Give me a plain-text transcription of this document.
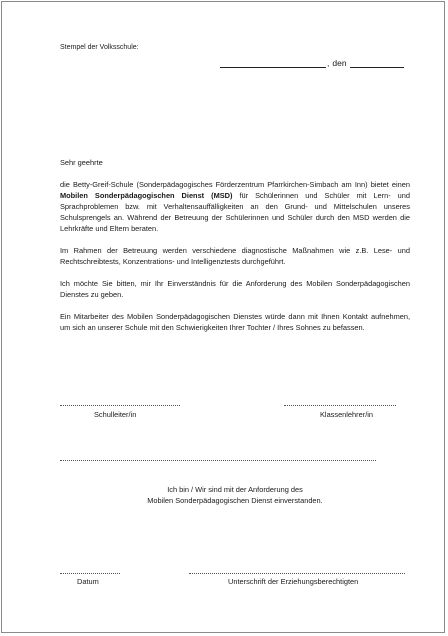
Stempel der Volksschule:
, den

Sehr geehrte

die Betty-Greif-Schule (Sonderpädagogisches Förderzentrum Pfarrkirchen-Simbach am Inn) bietet einen Mobilen Sonderpädagogischen Dienst (MSD) für Schülerinnen und Schüler mit Lern- und Sprachproblemen bzw. mit Verhaltensauffälligkeiten an den Grund- und Mittelschulen unseres Schulsprengels an. Während der Betreuung der Schülerinnen und Schüler durch den MSD werden die Lehrkräfte und Eltern beraten.

Im Rahmen der Betreuung werden verschiedene diagnostische Maßnahmen wie z.B. Lese- und Rechtschreibtests, Konzentrations- und Intelligenztests durchgeführt.

Ich möchte Sie bitten, mir Ihr Einverständnis für die Anforderung des Mobilen Sonderpädagogischen Dienstes zu geben.

Ein Mitarbeiter des Mobilen Sonderpädagogischen Dienstes würde dann mit Ihnen Kontakt aufnehmen, um sich an unserer Schule mit den Schwierigkeiten Ihrer Tochter / Ihres Sohnes zu befassen.

Schulleiter/in	Klassenlehrer/in

Ich bin / Wir sind mit der Anforderung des

Mobilen Sonderpädagogischen Dienst einverstanden.

Datum	Unterschrift der Erziehungsberechtigten
